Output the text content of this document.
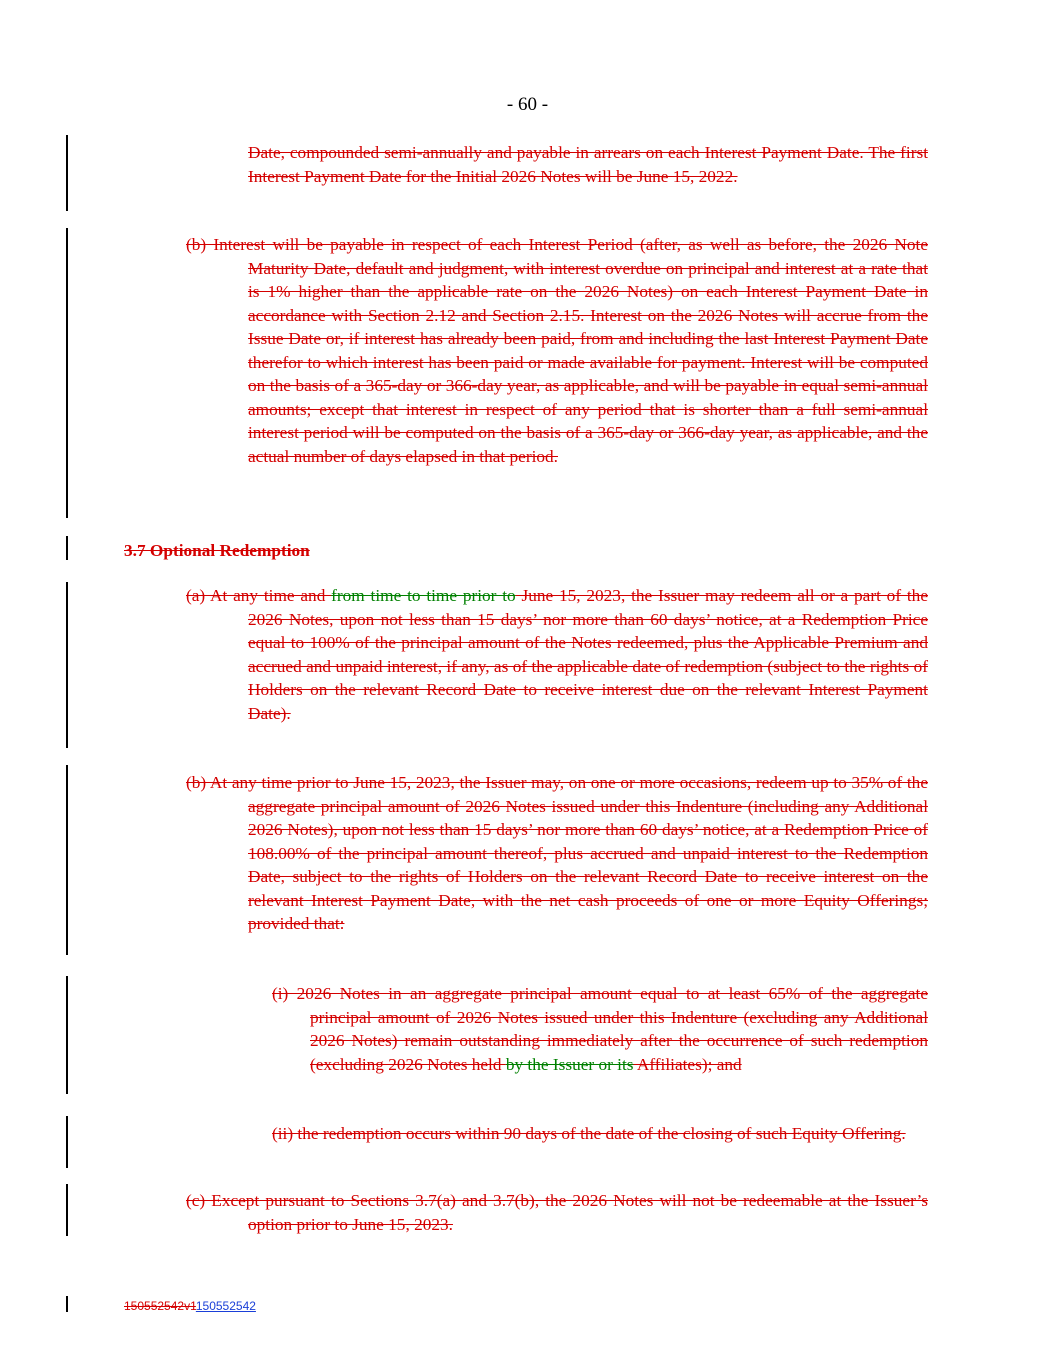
- 60 -
Date, compounded semi-annually and payable in arrears on each Interest Payment Date. The first Interest Payment Date for the Initial 2026 Notes will be June 15, 2022.
(b) Interest will be payable in respect of each Interest Period (after, as well as before, the 2026 Note Maturity Date, default and judgment, with interest overdue on principal and interest at a rate that is 1% higher than the applicable rate on the 2026 Notes) on each Interest Payment Date in accordance with Section 2.12 and Section 2.15. Interest on the 2026 Notes will accrue from the Issue Date or, if interest has already been paid, from and including the last Interest Payment Date therefor to which interest has been paid or made available for payment. Interest will be computed on the basis of a 365-day or 366-day year, as applicable, and will be payable in equal semi-annual amounts; except that interest in respect of any period that is shorter than a full semi-annual interest period will be computed on the basis of a 365-day or 366-day year, as applicable, and the actual number of days elapsed in that period.
3.7 Optional Redemption
(a) At any time and from time to time prior to June 15, 2023, the Issuer may redeem all or a part of the 2026 Notes, upon not less than 15 days’ nor more than 60 days’ notice, at a Redemption Price equal to 100% of the principal amount of the Notes redeemed, plus the Applicable Premium and accrued and unpaid interest, if any, as of the applicable date of redemption (subject to the rights of Holders on the relevant Record Date to receive interest due on the relevant Interest Payment Date).
(b) At any time prior to June 15, 2023, the Issuer may, on one or more occasions, redeem up to 35% of the aggregate principal amount of 2026 Notes issued under this Indenture (including any Additional 2026 Notes), upon not less than 15 days’ nor more than 60 days’ notice, at a Redemption Price of 108.00% of the principal amount thereof, plus accrued and unpaid interest to the Redemption Date, subject to the rights of Holders on the relevant Record Date to receive interest on the relevant Interest Payment Date, with the net cash proceeds of one or more Equity Offerings; provided that:
(i) 2026 Notes in an aggregate principal amount equal to at least 65% of the aggregate principal amount of 2026 Notes issued under this Indenture (excluding any Additional 2026 Notes) remain outstanding immediately after the occurrence of such redemption (excluding 2026 Notes held by the Issuer or its Affiliates); and
(ii) the redemption occurs within 90 days of the date of the closing of such Equity Offering.
(c) Except pursuant to Sections 3.7(a) and 3.7(b), the 2026 Notes will not be redeemable at the Issuer’s option prior to June 15, 2023.
150552542v1150552542
